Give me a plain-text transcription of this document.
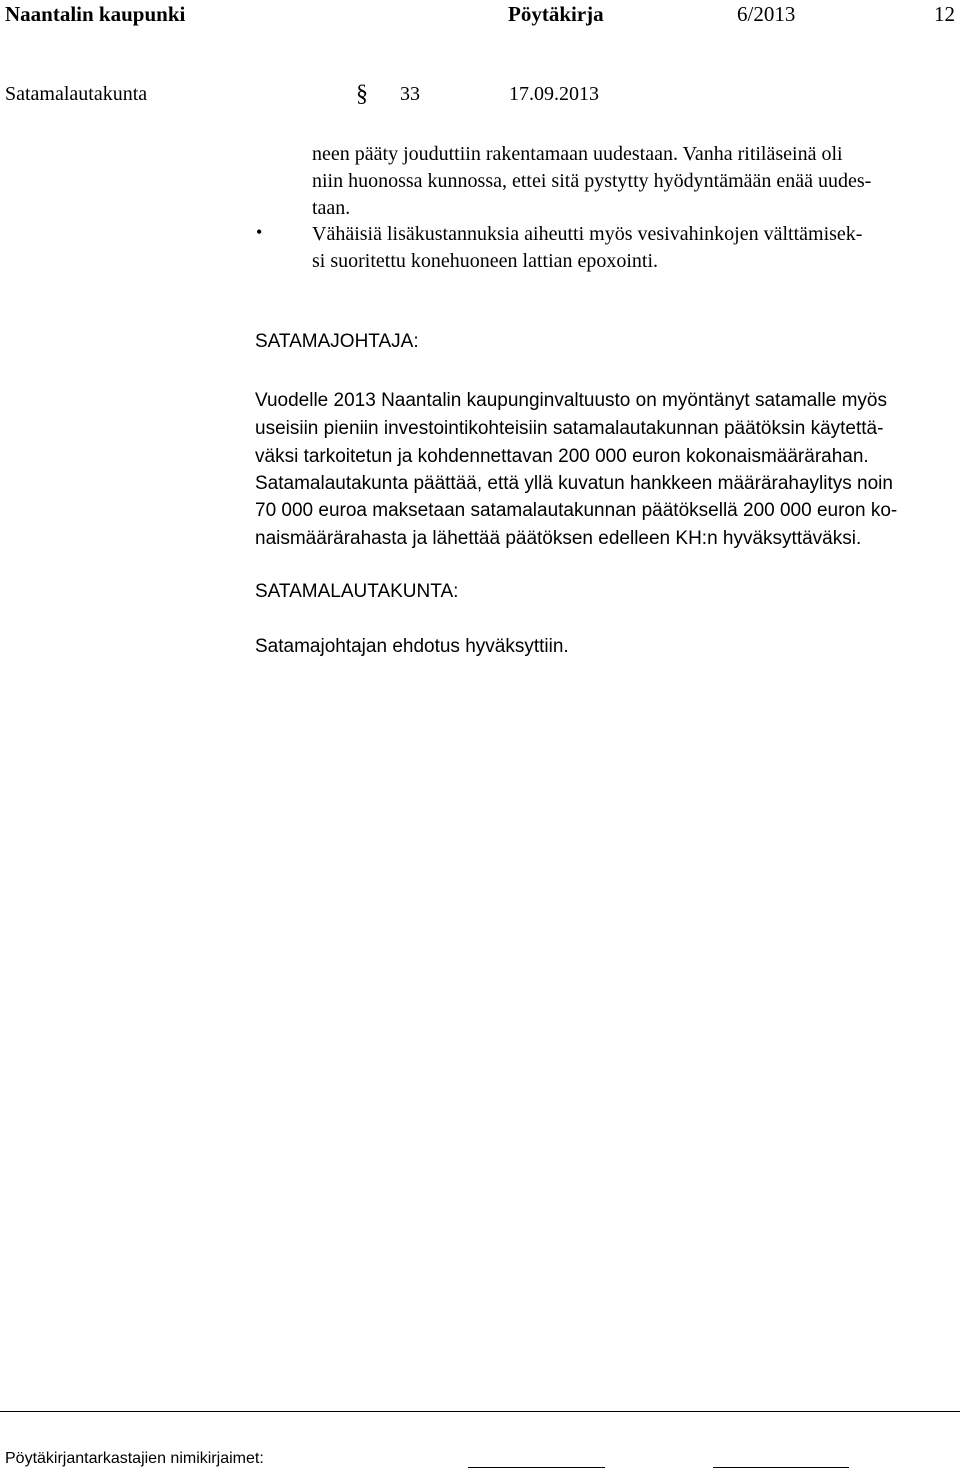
Naantalin kaupunki	Pöytäkirja	6/2013	12
Satamalautakunta	§ 33	17.09.2013
neen pääty jouduttiin rakentamaan uudestaan. Vanha ritiläseinä oli
niin huonossa kunnossa, ettei sitä pystytty hyödyntämään enää uudes-
taan.
• Vähäisiä lisäkustannuksia aiheutti myös vesivahinkojen välttämisek-
si suoritettu konehuoneen lattian epoxointi.
SATAMAJOHTAJA:
Vuodelle 2013 Naantalin kaupunginvaltuusto on myöntänyt satamalle myös
useisiin pieniin investointikohteisiin satamalautakunnan päätöksin käytettä-
väksi tarkoitetun ja kohdennettavan 200 000 euron kokonaismäärärahan.
Satamalautakunta päättää, että yllä kuvatun hankkeen määrärahaylitys noin
70 000 euroa maksetaan satamalautakunnan päätöksellä 200 000 euron ko-
naismäärärahasta ja lähettää päätöksen edelleen KH:n hyväksyttäväksi.
SATAMALAUTAKUNTA:
Satamajohtajan ehdotus hyväksyttiin.
Pöytäkirjantarkastajien nimikirjaimet:
